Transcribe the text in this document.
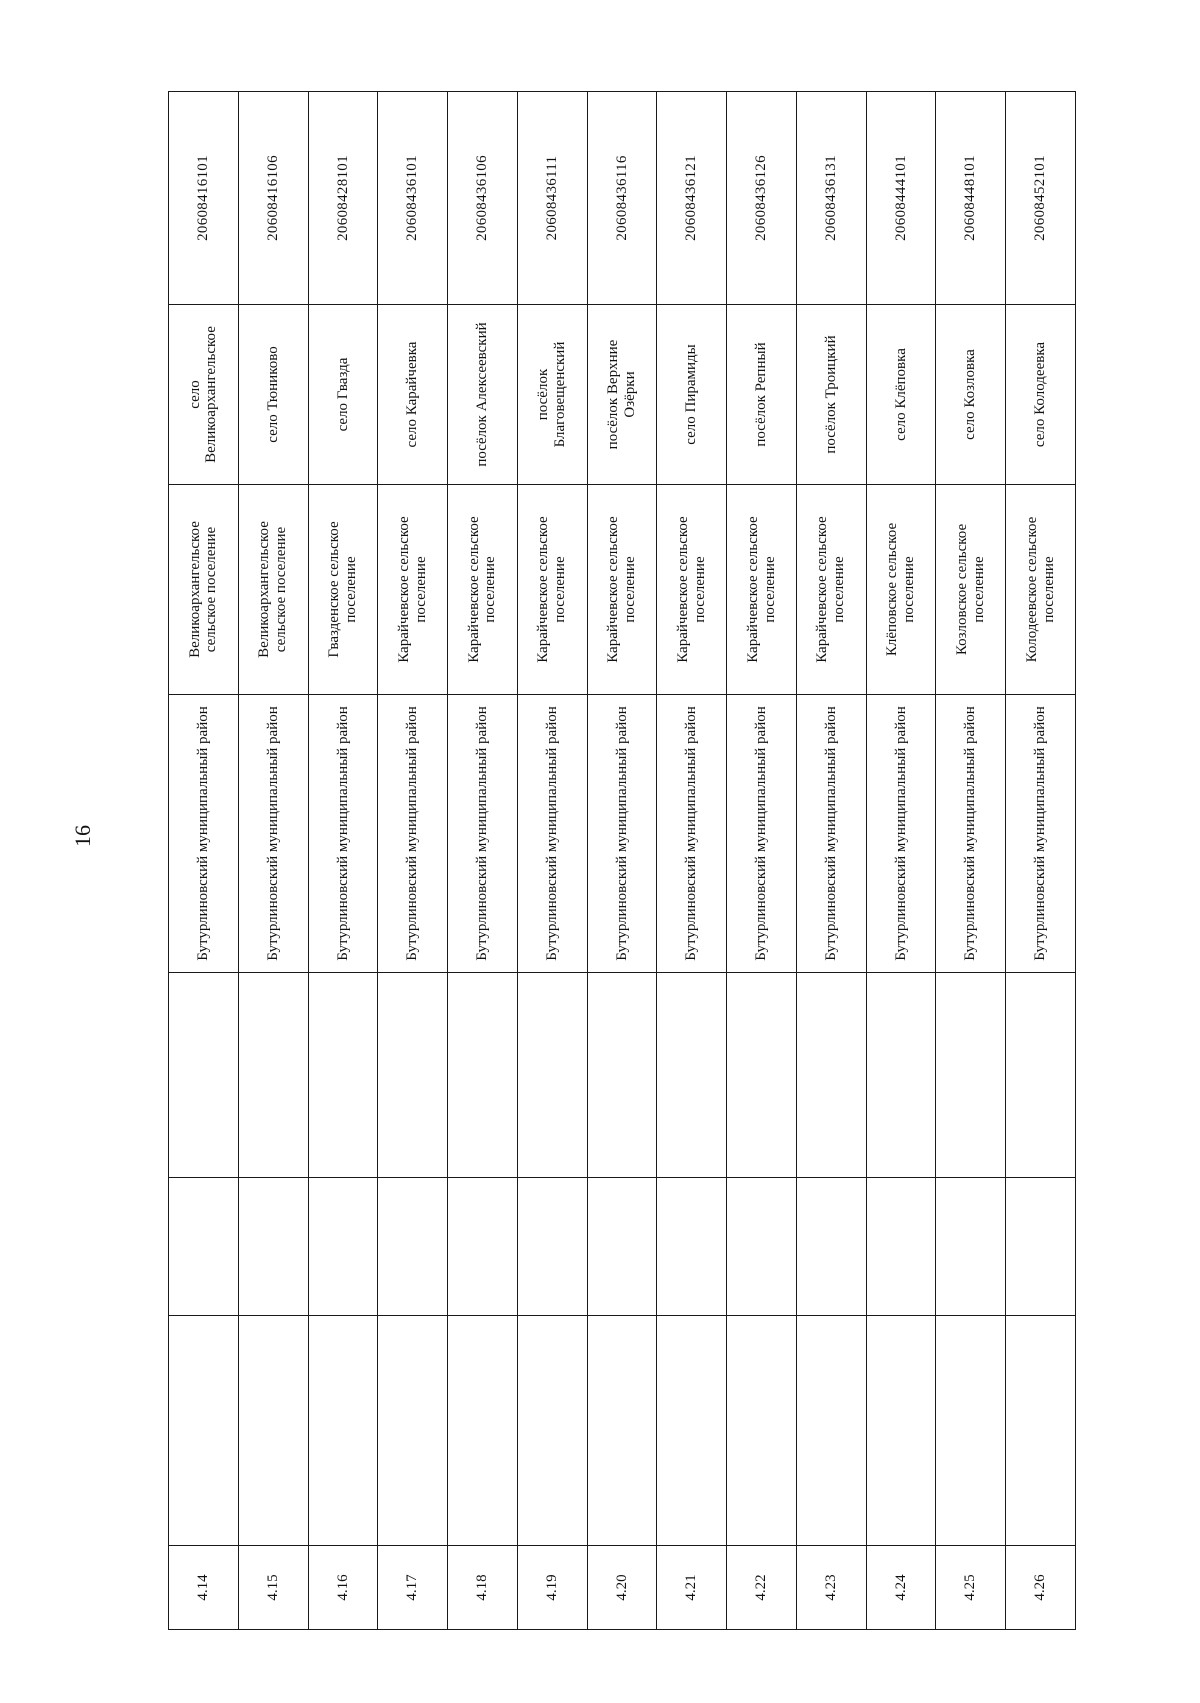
16
4.14				Бутурлиновский муниципальный район	Великоархангельское сельское поселение	село Великоархангельское	20608416101
4.15				Бутурлиновский муниципальный район	Великоархангельское сельское поселение	село Тюниково	20608416106
4.16				Бутурлиновский муниципальный район	Гвазденское сельское поселение	село Гвазда	20608428101
4.17				Бутурлиновский муниципальный район	Карайчевское сельское поселение	село Карайчевка	20608436101
4.18				Бутурлиновский муниципальный район	Карайчевское сельское поселение	посёлок Алексеевский	20608436106
4.19				Бутурлиновский муниципальный район	Карайчевское сельское поселение	посёлок Благовещенский	20608436111
4.20				Бутурлиновский муниципальный район	Карайчевское сельское поселение	посёлок Верхние Озёрки	20608436116
4.21				Бутурлиновский муниципальный район	Карайчевское сельское поселение	село Пирамиды	20608436121
4.22				Бутурлиновский муниципальный район	Карайчевское сельское поселение	посёлок Репный	20608436126
4.23				Бутурлиновский муниципальный район	Карайчевское сельское поселение	посёлок Троицкий	20608436131
4.24				Бутурлиновский муниципальный район	Клёповское сельское поселение	село Клёповка	20608444101
4.25				Бутурлиновский муниципальный район	Козловское сельское поселение	село Козловка	20608448101
4.26				Бутурлиновский муниципальный район	Колодеевское сельское поселение	село Колодеевка	20608452101
